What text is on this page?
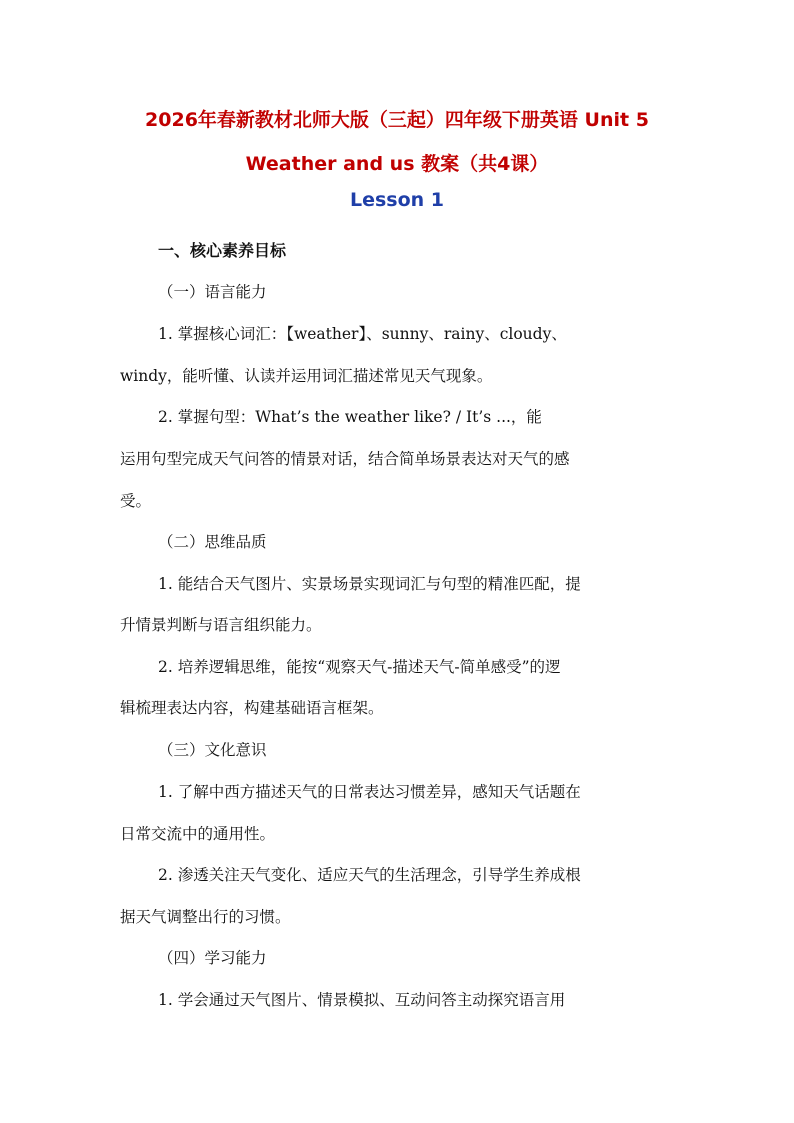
2026年春新教材北师大版（三起）四年级下册英语 Unit 5
Weather and us 教案（共4课）
Lesson 1
一、核心素养目标
（一）语言能力
1. 掌握核心词汇：【weather】、sunny、rainy、cloudy、
windy，能听懂、认读并运用词汇描述常见天气现象。
2. 掌握句型：What’s the weather like? / It’s ...，能
运用句型完成天气问答的情景对话，结合简单场景表达对天气的感
受。
（二）思维品质
1. 能结合天气图片、实景场景实现词汇与句型的精准匹配，提
升情景判断与语言组织能力。
2. 培养逻辑思维，能按“观察天气-描述天气-简单感受”的逻
辑梳理表达内容，构建基础语言框架。
（三）文化意识
1. 了解中西方描述天气的日常表达习惯差异，感知天气话题在
日常交流中的通用性。
2. 渗透关注天气变化、适应天气的生活理念，引导学生养成根
据天气调整出行的习惯。
（四）学习能力
1. 学会通过天气图片、情景模拟、互动问答主动探究语言用
